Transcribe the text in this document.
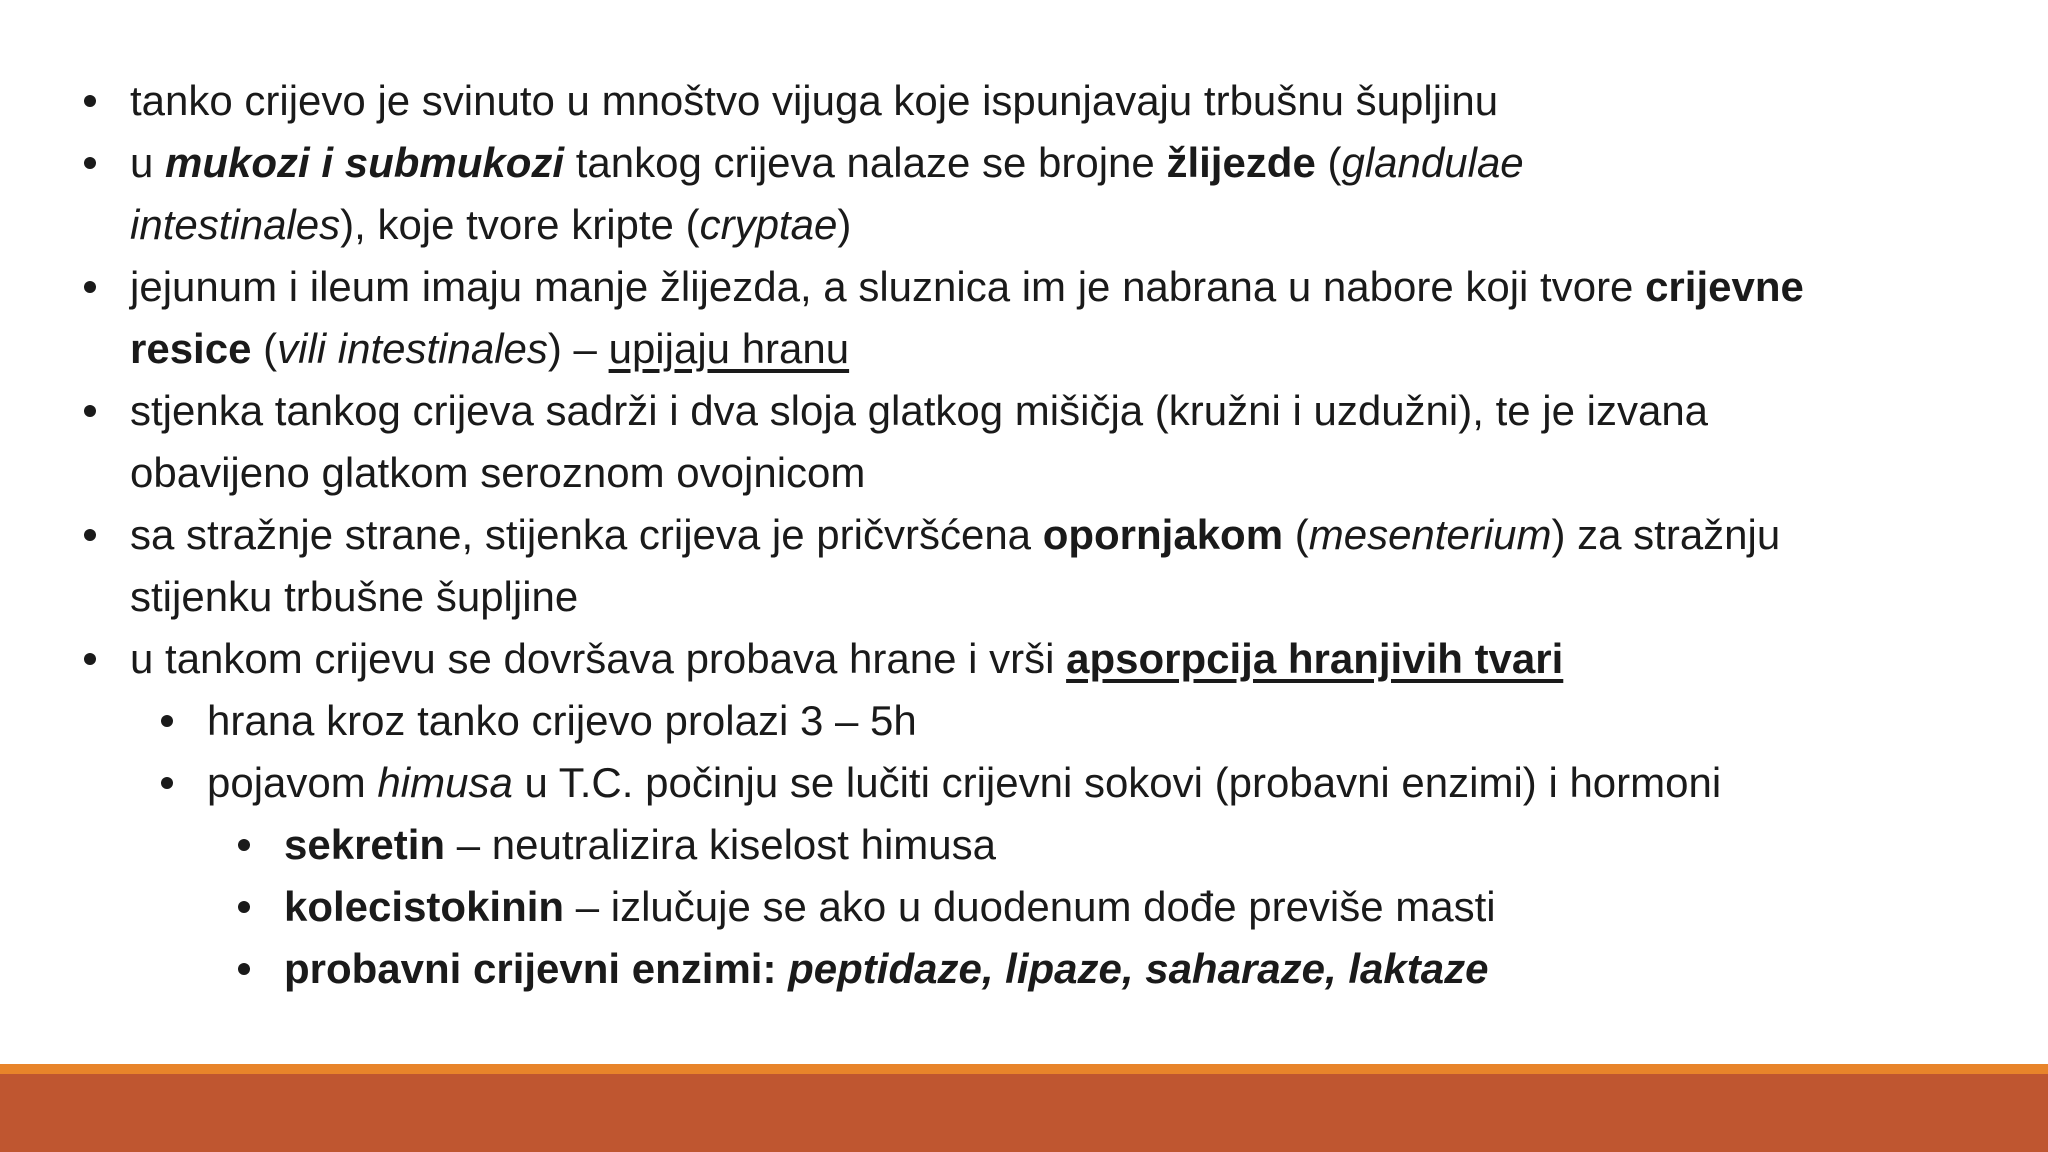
tanko crijevo je svinuto u mnoštvo vijuga koje ispunjavaju trbušnu šupljinu
u mukozi i submukozi tankog crijeva nalaze se brojne žlijezde (glandulae
intestinales), koje tvore kripte (cryptae)
jejunum i ileum imaju manje žlijezda, a sluznica im je nabrana u nabore koji tvore crijevne
resice (vili intestinales) – upijaju hranu
stjenka tankog crijeva sadrži i dva sloja glatkog mišičja (kružni i uzdužni), te je izvana
obavijeno glatkom seroznom ovojnicom
sa stražnje strane, stijenka crijeva je pričvršćena opornjakom (mesenterium) za stražnju
stijenku trbušne šupljine
u tankom crijevu se dovršava probava hrane i vrši apsorpcija hranjivih tvari
hrana kroz tanko crijevo prolazi 3 – 5h
pojavom himusa u T.C. počinju se lučiti crijevni sokovi (probavni enzimi) i hormoni
sekretin – neutralizira kiselost himusa
kolecistokinin – izlučuje se ako u duodenum dođe previše masti
probavni crijevni enzimi: peptidaze, lipaze, saharaze, laktaze
